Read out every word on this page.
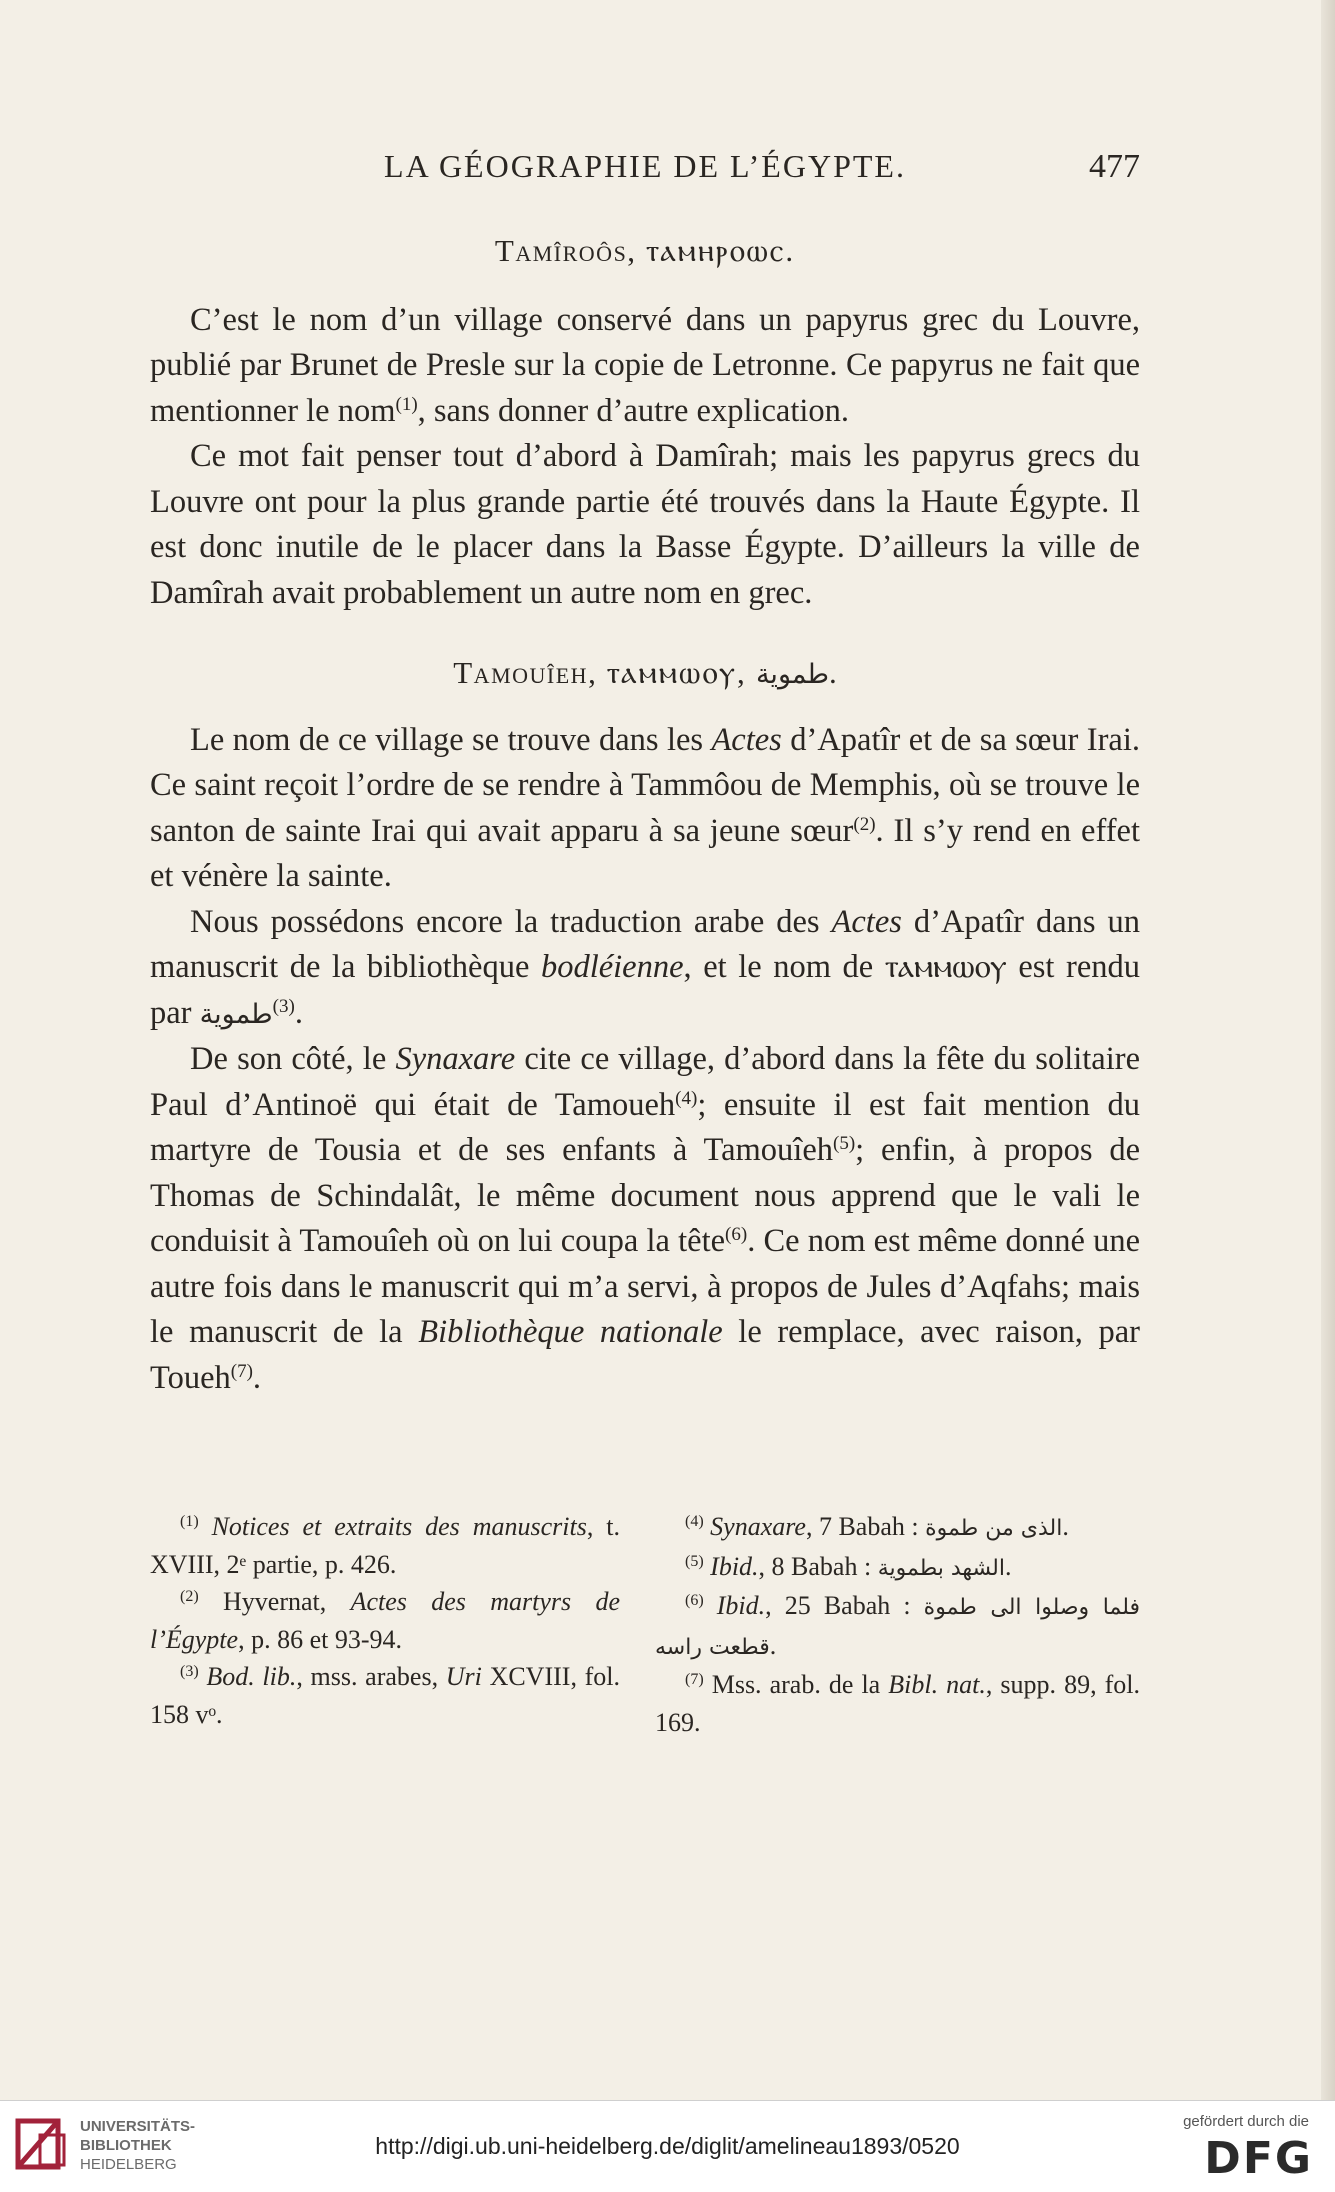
LA GÉOGRAPHIE DE L’ÉGYPTE.	477
Tamîroôs, ⲧⲁⲙⲏⲣⲟⲱⲥ.

C’est le nom d’un village conservé dans un papyrus grec du Louvre, publié par Brunet de Presle sur la copie de Letronne. Ce papyrus ne fait que mentionner le nom$^{(1)}$, sans donner d’autre explication.

Ce mot fait penser tout d’abord à Damîrah; mais les papyrus grecs du Louvre ont pour la plus grande partie été trouvés dans la Haute Égypte. Il est donc inutile de le placer dans la Basse Égypte. D’ailleurs la ville de Damîrah avait probablement un autre nom en grec.

Tamouîeh, ⲧⲁⲙⲙⲱⲟⲩ, طموية.

Le nom de ce village se trouve dans les Actes d’Apatîr et de sa sœur Irai. Ce saint reçoit l’ordre de se rendre à Tammôou de Memphis, où se trouve le santon de sainte Irai qui avait apparu à sa jeune sœur$^{(2)}$. Il s’y rend en effet et vénère la sainte.

Nous possédons encore la traduction arabe des Actes d’Apatîr dans un manuscrit de la bibliothèque bodléienne, et le nom de ⲧⲁⲙⲙⲱⲟⲩ est rendu par طموية$^{(3)}$.

De son côté, le Synaxare cite ce village, d’abord dans la fête du solitaire Paul d’Antinoë qui était de Tamoueh$^{(4)}$; ensuite il est fait mention du martyre de Tousia et de ses enfants à Tamouîeh$^{(5)}$; enfin, à propos de Thomas de Schindalât, le même document nous apprend que le vali le conduisit à Tamouîeh où on lui coupa la tête$^{(6)}$. Ce nom est même donné une autre fois dans le manuscrit qui m’a servi, à propos de Jules d’Aqfahs; mais le manuscrit de la Bibliothèque nationale le remplace, avec raison, par Toueh$^{(7)}$.

$^{(1)}$ Notices et extraits des manuscrits, t. XVIII, 2ᵉ partie, p. 426.

$^{(2)}$ Hyvernat, Actes des martyrs de l’Égypte, p. 86 et 93-94.

$^{(3)}$ Bod. lib., mss. arabes, Uri XCVIII, fol. 158 vᵒ.

$^{(4)}$ Synaxare, 7 Babah : الذى من طموة.

$^{(5)}$ Ibid., 8 Babah : الشهد بطموية.

$^{(6)}$ Ibid., 25 Babah : فلما وصلوا الى طموة قطعت راسه.

$^{(7)}$ Mss. arab. de la Bibl. nat., supp. 89, fol. 169.

UNIVERSITÄTS-
BIBLIOTHEK
HEIDELBERG
http://digi.ub.uni-heidelberg.de/diglit/amelineau1893/0520
gefördert durch die
DFG
